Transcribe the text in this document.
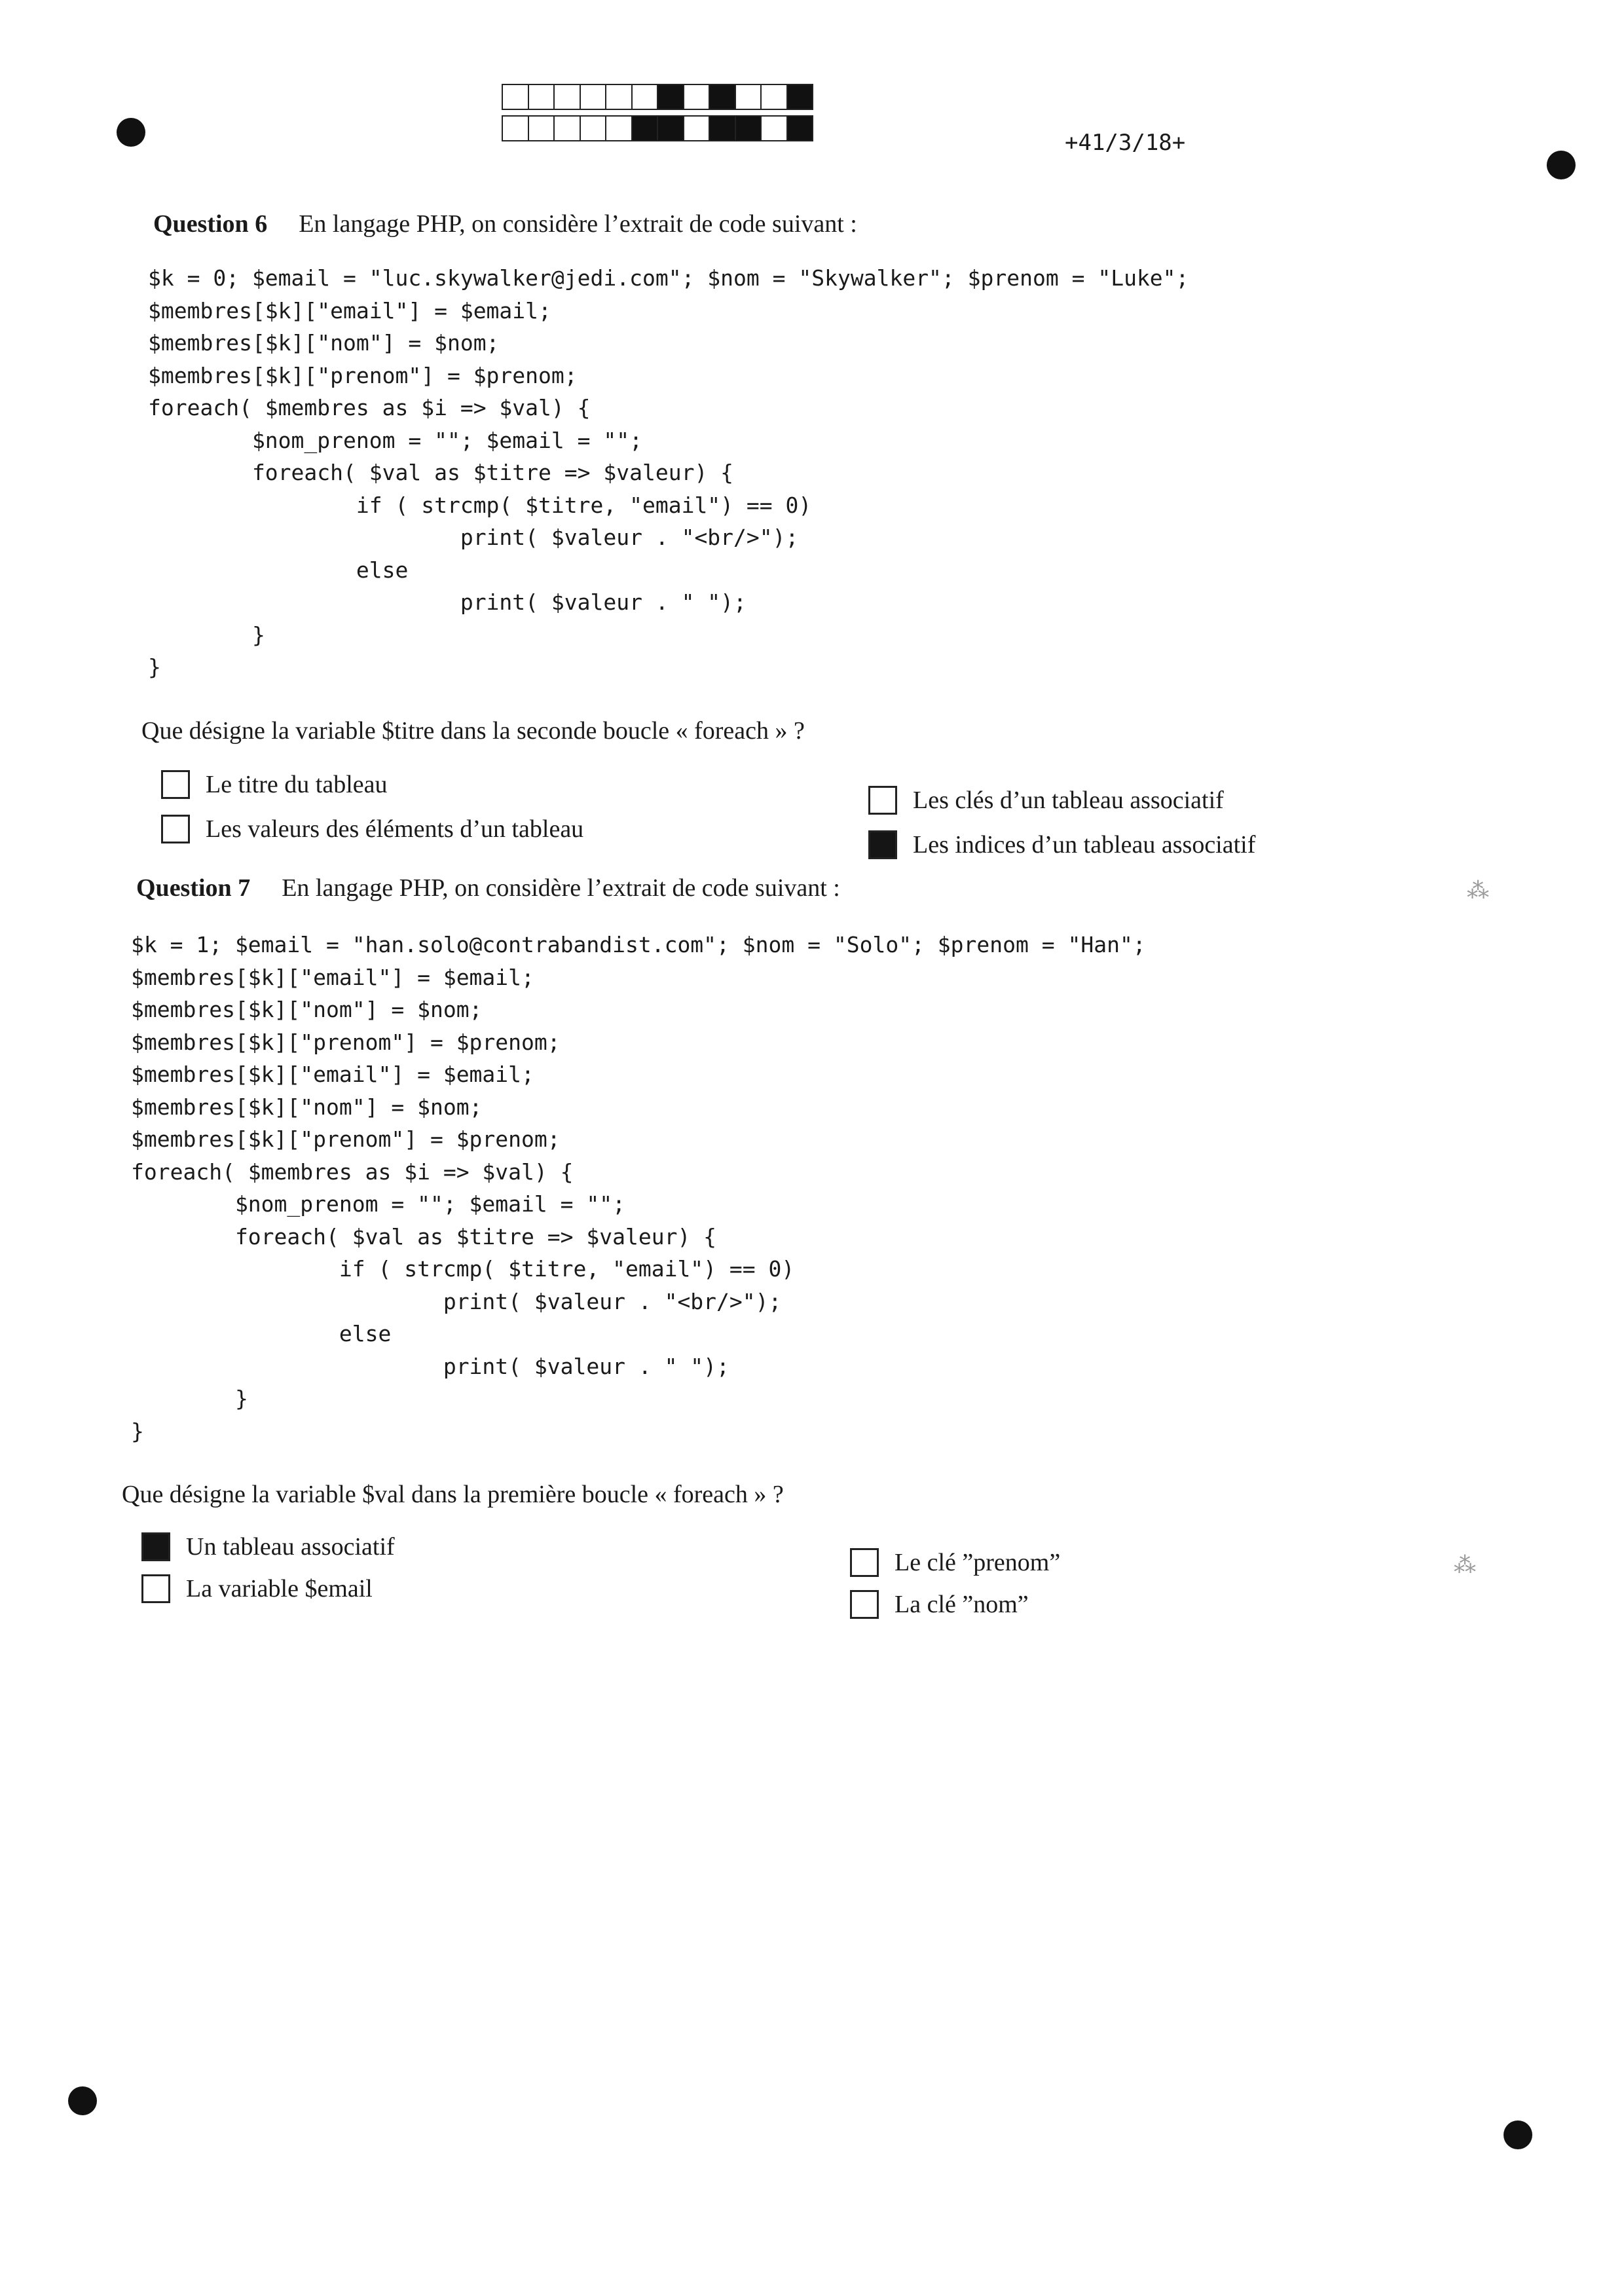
+41/3/18+
Question 6 En langage PHP, on considère l’extrait de code suivant :
$k = 0; $email = "luc.skywalker@jedi.com"; $nom = "Skywalker"; $prenom = "Luke";
$membres[$k]["email"] = $email;
$membres[$k]["nom"] = $nom;
$membres[$k]["prenom"] = $prenom;
foreach( $membres as $i => $val) {
$nom_prenom = ""; $email = "";
foreach( $val as $titre => $valeur) {
if ( strcmp( $titre, "email") == 0)
print( $valeur . "<br/>");
else
print( $valeur . " ");
}
}
Que désigne la variable $titre dans la seconde boucle « foreach » ?
Le titre du tableau
Les valeurs des éléments d’un tableau
Les clés d’un tableau associatif
Les indices d’un tableau associatif
Question 7 En langage PHP, on considère l’extrait de code suivant :
$k = 1; $email = "han.solo@contrabandist.com"; $nom = "Solo"; $prenom = "Han";
$membres[$k]["email"] = $email;
$membres[$k]["nom"] = $nom;
$membres[$k]["prenom"] = $prenom;
$membres[$k]["email"] = $email;
$membres[$k]["nom"] = $nom;
$membres[$k]["prenom"] = $prenom;
foreach( $membres as $i => $val) {
$nom_prenom = ""; $email = "";
foreach( $val as $titre => $valeur) {
if ( strcmp( $titre, "email") == 0)
print( $valeur . "<br/>");
else
print( $valeur . " ");
}
}
Que désigne la variable $val dans la première boucle « foreach » ?
Un tableau associatif
La variable $email
Le clé ”prenom”
La clé ”nom”
⁂
⁂
